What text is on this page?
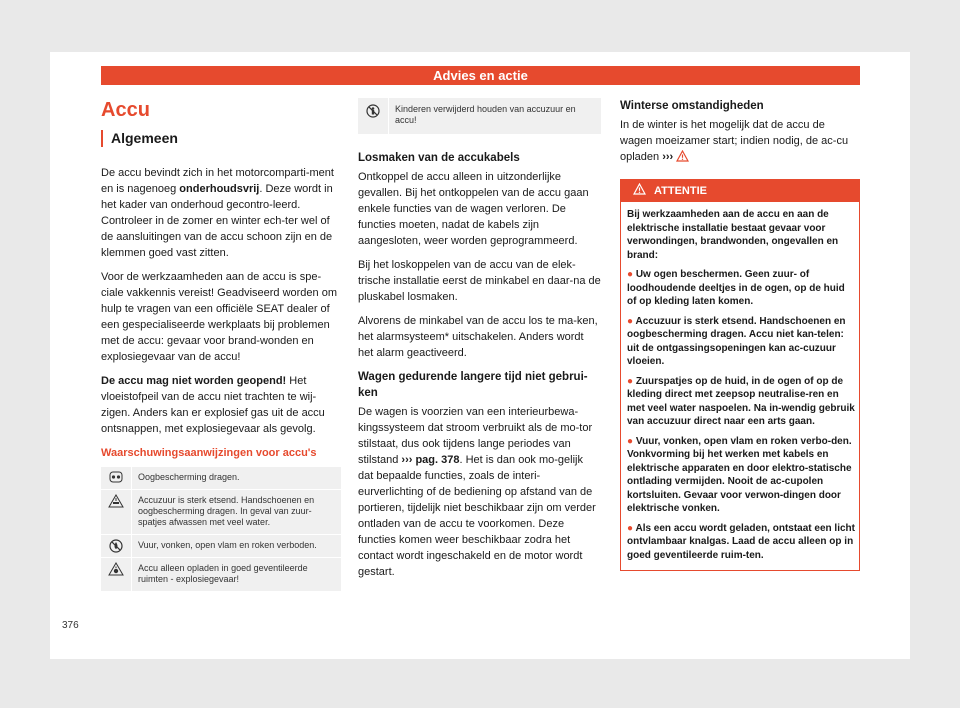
Advies en actie
Accu
Algemeen

De accu bevindt zich in het motorcomparti-ment en is nagenoeg onderhoudsvrij. Deze wordt in het kader van onderhoud gecontro-leerd. Controleer in de zomer en winter ech-ter wel of de aansluitingen van de accu schoon zijn en de klemmen goed vast zitten.

Voor de werkzaamheden aan de accu is spe-ciale vakkennis vereist! Geadviseerd worden om hulp te vragen van een officiële SEAT dealer of een gespecialiseerde werkplaats bij problemen met de accu: gevaar voor brand-wonden en explosiegevaar van de accu!

De accu mag niet worden geopend! Het vloeistofpeil van de accu niet trachten te wij-zigen. Anders kan er explosief gas uit de accu ontsnappen, met explosiegevaar als gevolg.

Waarschuwingsaanwijzingen voor accu's
Oogbescherming dragen.
Accuzuur is sterk etsend. Handschoenen en oogbescherming dragen. In geval van zuur-spatjes afwassen met veel water.
Vuur, vonken, open vlam en roken verboden.
Accu alleen opladen in goed geventileerde ruimten - explosiegevaar!
Kinderen verwijderd houden van accuzuur en accu!
Losmaken van de accukabels

Ontkoppel de accu alleen in uitzonderlijke gevallen. Bij het ontkoppelen van de accu gaan enkele functies van de wagen verloren. De functies moeten, nadat de kabels zijn aangesloten, weer worden geprogrammeerd.

Bij het loskoppelen van de accu van de elek-trische installatie eerst de minkabel en daar-na de pluskabel losmaken.

Alvorens de minkabel van de accu los te ma-ken, het alarmsysteem* uitschakelen. Anders wordt het alarm geactiveerd.

Wagen gedurende langere tijd niet gebrui-ken

De wagen is voorzien van een interieurbewa-kingssysteem dat stroom verbruikt als de mo-tor stilstaat, dus ook tijdens lange periodes van stilstand ››› pag. 378. Het is dan ook mo-gelijk dat bepaalde functies, zoals de interi-eurverlichting of de bediening op afstand van de portieren, tijdelijk niet beschikbaar zijn om verder ontladen van de accu te voorkomen. Deze functies komen weer beschikbaar zodra het contact wordt ingeschakeld en de motor wordt gestart.

Winterse omstandigheden

In de winter is het mogelijk dat de accu de wagen moeizamer start; indien nodig, de ac-cu opladen ›››

ATTENTIE

Bij werkzaamheden aan de accu en aan de elektrische installatie bestaat gevaar voor verwondingen, brandwonden, ongevallen en brand:

● Uw ogen beschermen. Geen zuur- of loodhoudende deeltjes in de ogen, op de huid of op kleding laten komen.

● Accuzuur is sterk etsend. Handschoenen en oogbescherming dragen. Accu niet kan-telen: uit de ontgassingsopeningen kan ac-cuzuur vloeien.

● Zuurspatjes op de huid, in de ogen of op de kleding direct met zeepsop neutralise-ren en met veel water naspoelen. Na in-wendig gebruik van accuzuur direct naar een arts gaan.

● Vuur, vonken, open vlam en roken verbo-den. Vonkvorming bij het werken met kabels en elektrische apparaten en door elektro-statische ontlading vermijden. Nooit de ac-cupolen kortsluiten. Gevaar voor verwon-dingen door elektrische vonken.

● Als een accu wordt geladen, ontstaat een licht ontvlambaar knalgas. Laad de accu alleen op in goed geventileerde ruim-ten.

376
